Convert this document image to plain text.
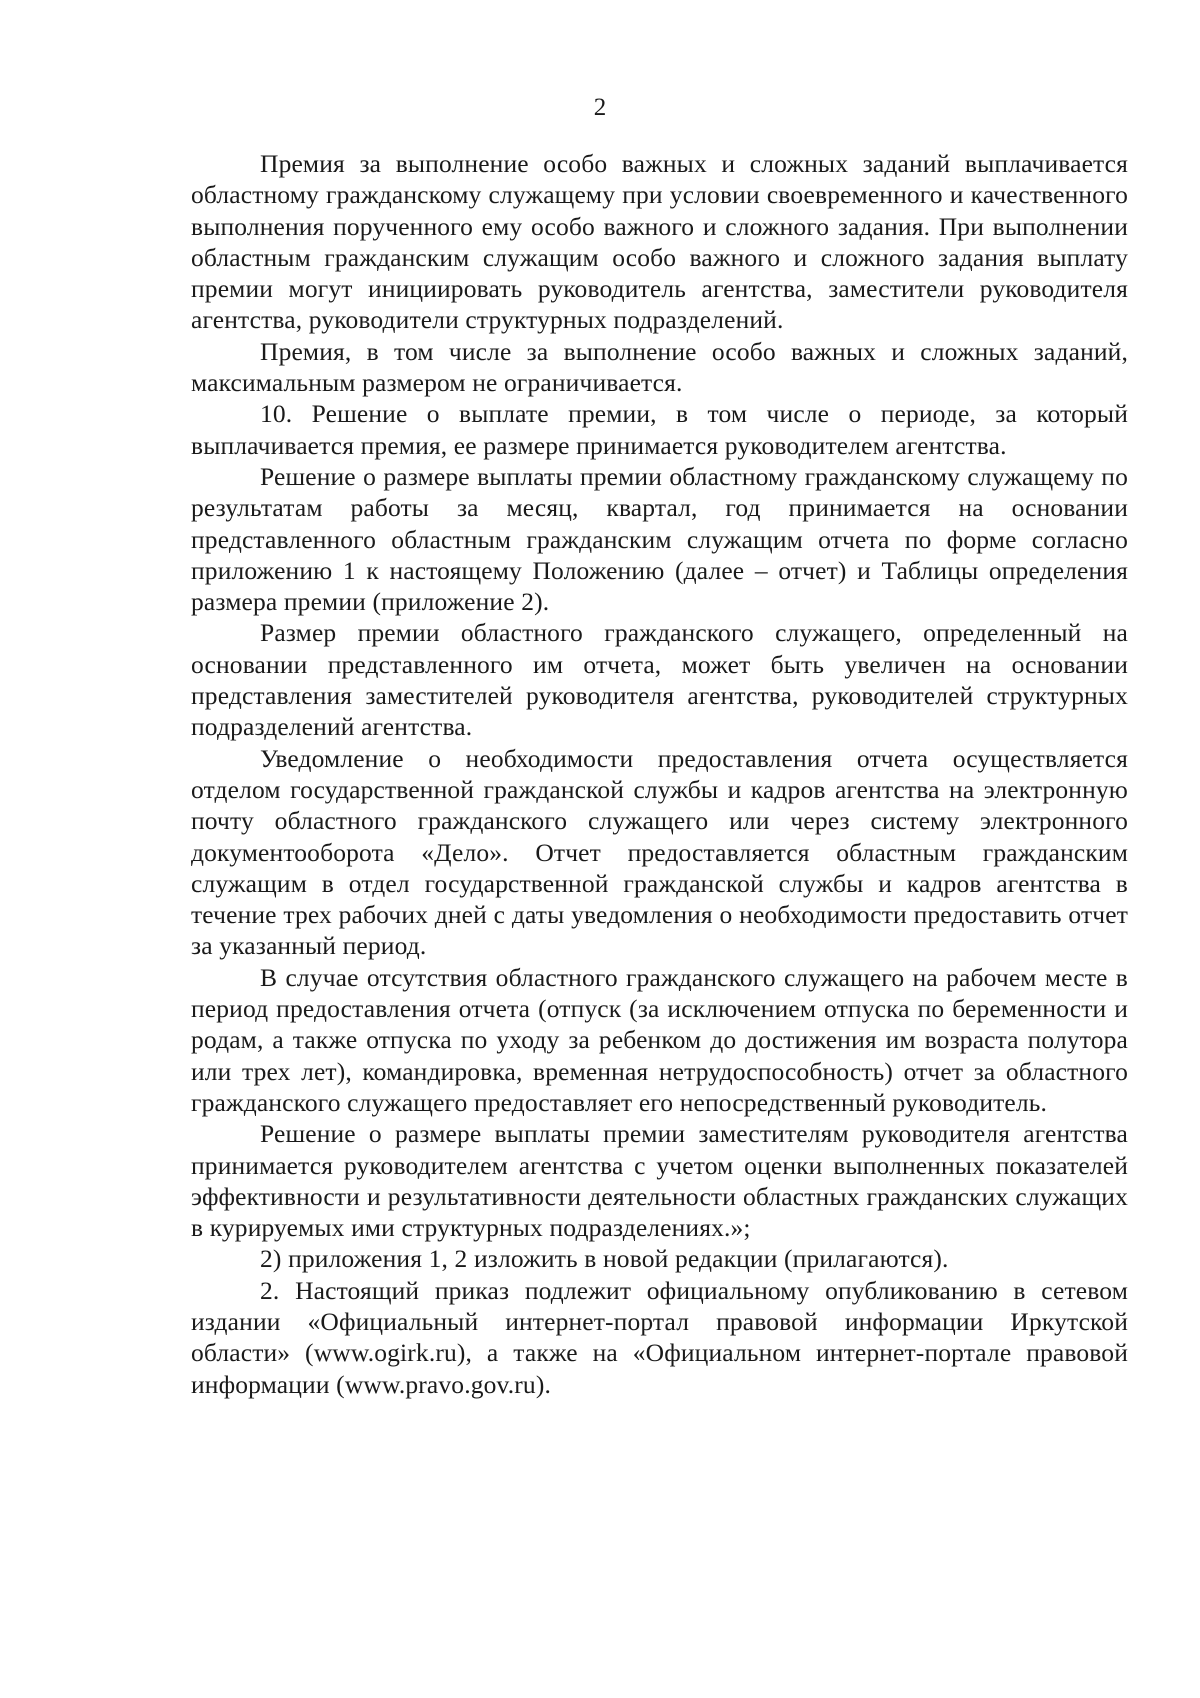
2

Премия за выполнение особо важных и сложных заданий выплачивается областному гражданскому служащему при условии своевременного и качественного выполнения порученного ему особо важного и сложного задания. При выполнении областным гражданским служащим особо важного и сложного задания выплату премии могут инициировать руководитель агентства, заместители руководителя агентства, руководители структурных подразделений.

Премия, в том числе за выполнение особо важных и сложных заданий, максимальным размером не ограничивается.

10. Решение о выплате премии, в том числе о периоде, за который выплачивается премия, ее размере принимается руководителем агентства.

Решение о размере выплаты премии областному гражданскому служащему по результатам работы за месяц, квартал, год принимается на основании представленного областным гражданским служащим отчета по форме согласно приложению 1 к настоящему Положению (далее – отчет) и Таблицы определения размера премии (приложение 2).

Размер премии областного гражданского служащего, определенный на основании представленного им отчета, может быть увеличен на основании представления заместителей руководителя агентства, руководителей структурных подразделений агентства.

Уведомление о необходимости предоставления отчета осуществляется отделом государственной гражданской службы и кадров агентства на электронную почту областного гражданского служащего или через систему электронного документооборота «Дело». Отчет предоставляется областным гражданским служащим в отдел государственной гражданской службы и кадров агентства в течение трех рабочих дней с даты уведомления о необходимости предоставить отчет за указанный период.

В случае отсутствия областного гражданского служащего на рабочем месте в период предоставления отчета (отпуск (за исключением отпуска по беременности и родам, а также отпуска по уходу за ребенком до достижения им возраста полутора или трех лет), командировка, временная нетрудоспособность) отчет за областного гражданского служащего предоставляет его непосредственный руководитель.

Решение о размере выплаты премии заместителям руководителя агентства принимается руководителем агентства с учетом оценки выполненных показателей эффективности и результативности деятельности областных гражданских служащих в курируемых ими структурных подразделениях.»;

2) приложения 1, 2 изложить в новой редакции (прилагаются).

2. Настоящий приказ подлежит официальному опубликованию в сетевом издании «Официальный интернет-портал правовой информации Иркутской области» (www.ogirk.ru), а также на «Официальном интернет-портале правовой информации (www.pravo.gov.ru).
